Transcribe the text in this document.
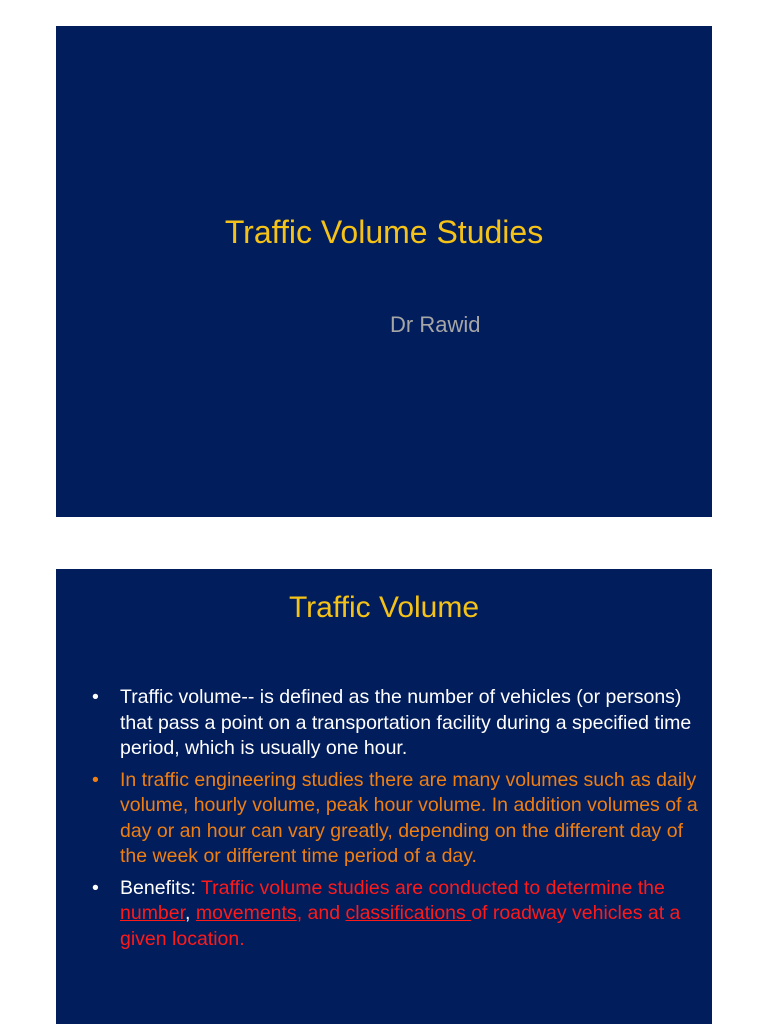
Traffic Volume Studies

Dr Rawid

Traffic Volume
•	Traffic volume-- is defined as the number of vehicles (or persons) that pass a point on a transportation facility during a specified time period, which is usually one hour.
•	In traffic engineering studies there are many volumes such as daily volume, hourly volume, peak hour volume. In addition volumes of a day or an hour can vary greatly, depending on the different day of the week or different time period of a day.
•	Benefits: Traffic volume studies are conducted to determine the number, movements, and classifications of roadway vehicles at a given location.
